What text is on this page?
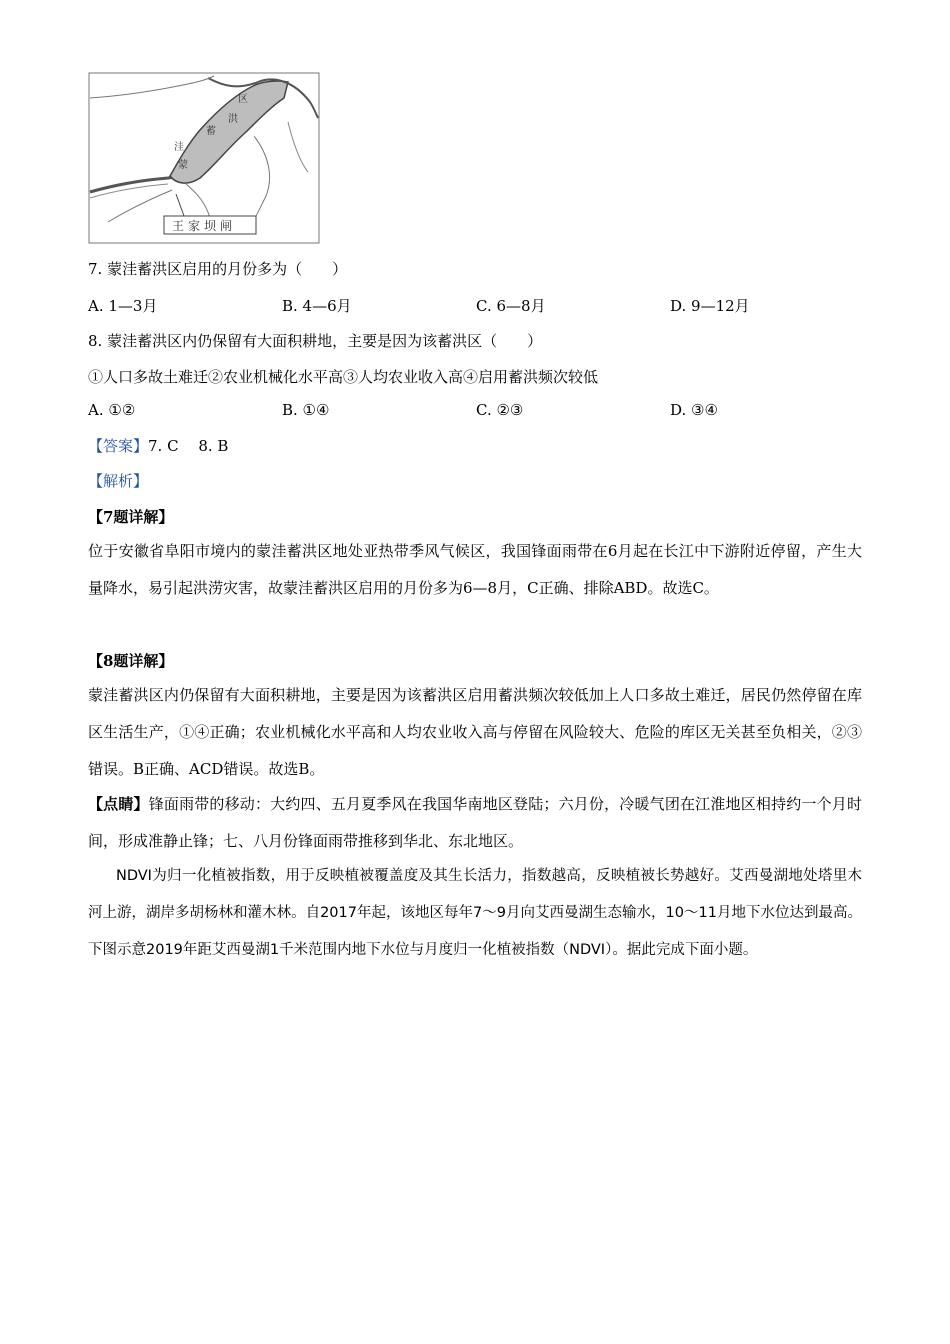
区
洪
蓄
洼
蒙
王家坝闸
7. 蒙洼蓄洪区启用的月份多为（　　）
A. 1—3月	B. 4—6月	C. 6—8月	D. 9—12月
8. 蒙洼蓄洪区内仍保留有大面积耕地，主要是因为该蓄洪区（　　）
①人口多故土难迁②农业机械化水平高③人均农业收入高④启用蓄洪频次较低
A. ①②	B. ①④	C. ②③	D. ③④
【答案】7. C　 8. B
【解析】
【7题详解】
位于安徽省阜阳市境内的蒙洼蓄洪区地处亚热带季风气候区，我国锋面雨带在6月起在长江中下游附近停留，产生大量降水，易引起洪涝灾害，故蒙洼蓄洪区启用的月份多为6—8月，C正确、排除ABD。故选C。
【8题详解】
蒙洼蓄洪区内仍保留有大面积耕地，主要是因为该蓄洪区启用蓄洪频次较低加上人口多故土难迁，居民仍然停留在库区生活生产，①④正确；农业机械化水平高和人均农业收入高与停留在风险较大、危险的库区无关甚至负相关，②③错误。B正确、ACD错误。故选B。
【点睛】锋面雨带的移动：大约四、五月夏季风在我国华南地区登陆；六月份，冷暖气团在江淮地区相持约一个月时间，形成准静止锋；七、八月份锋面雨带推移到华北、东北地区。
NDVI为归一化植被指数，用于反映植被覆盖度及其生长活力，指数越高，反映植被长势越好。艾西曼湖地处塔里木河上游，湖岸多胡杨林和灌木林。自2017年起，该地区每年7～9月向艾西曼湖生态输水，10～11月地下水位达到最高。下图示意2019年距艾西曼湖1千米范围内地下水位与月度归一化植被指数（NDVI）。据此完成下面小题。
